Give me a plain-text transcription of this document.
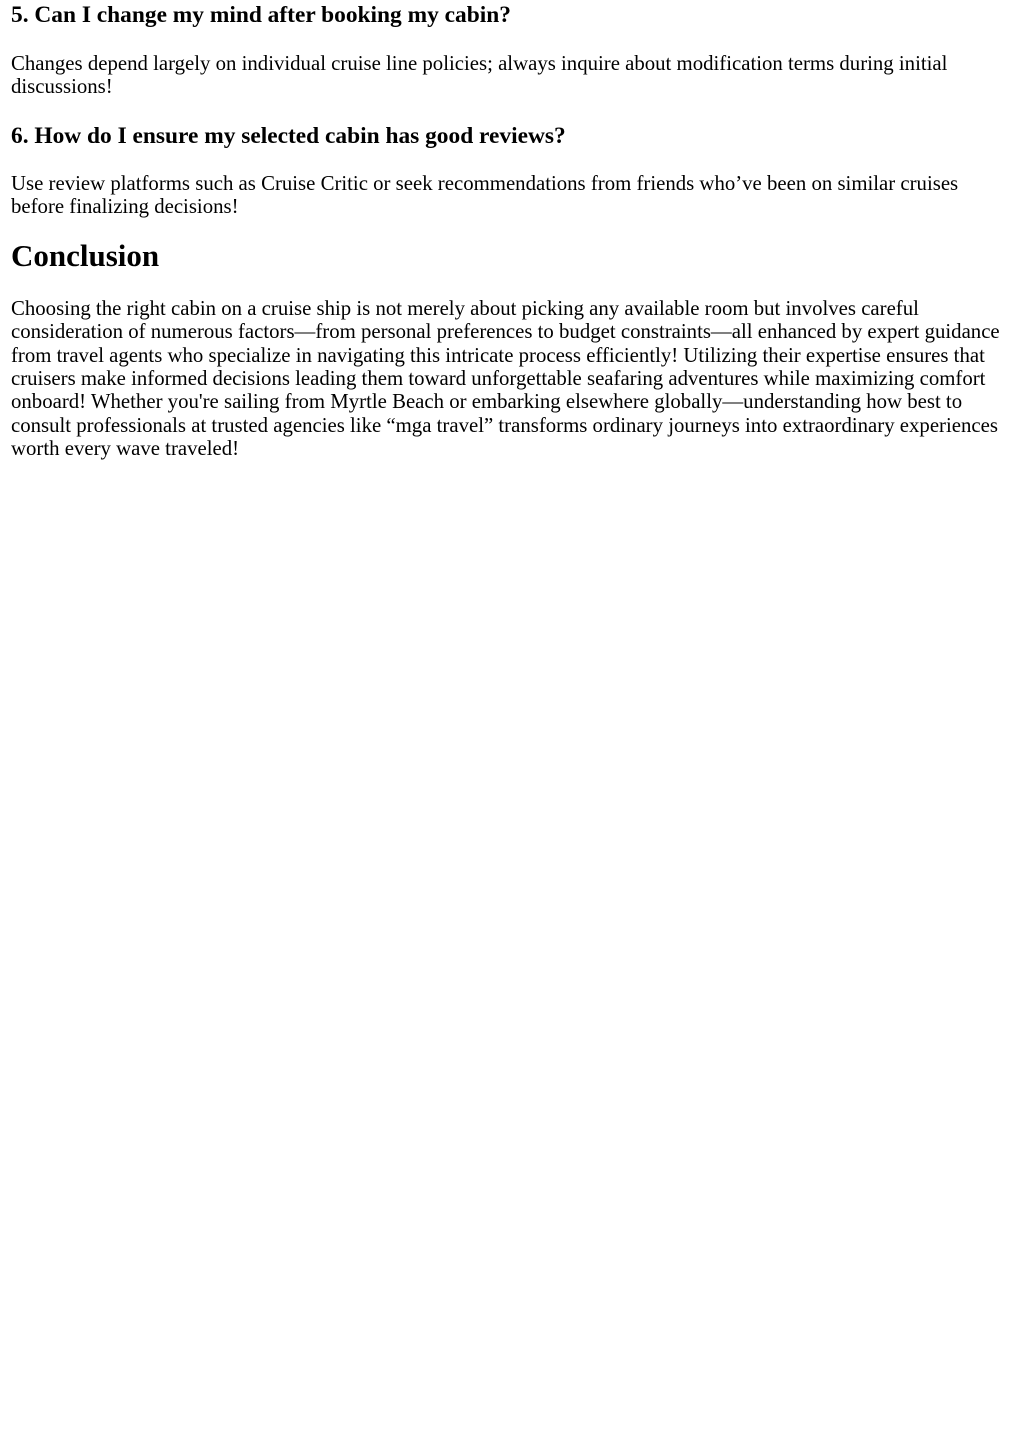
5. Can I change my mind after booking my cabin?

Changes depend largely on individual cruise line policies; always inquire about modification terms during initial discussions!

6. How do I ensure my selected cabin has good reviews?

Use review platforms such as Cruise Critic or seek recommendations from friends who’ve been on similar cruises before finalizing decisions!

Conclusion

Choosing the right cabin on a cruise ship is not merely about picking any available room but involves careful consideration of numerous factors—from personal preferences to budget constraints—all enhanced by expert guidance from travel agents who specialize in navigating this intricate process efficiently! Utilizing their expertise ensures that cruisers make informed decisions leading them toward unforgettable seafaring adventures while maximizing comfort onboard! Whether you're sailing from Myrtle Beach or embarking elsewhere globally—understanding how best to consult professionals at trusted agencies like “mga travel” transforms ordinary journeys into extraordinary experiences worth every wave traveled!
